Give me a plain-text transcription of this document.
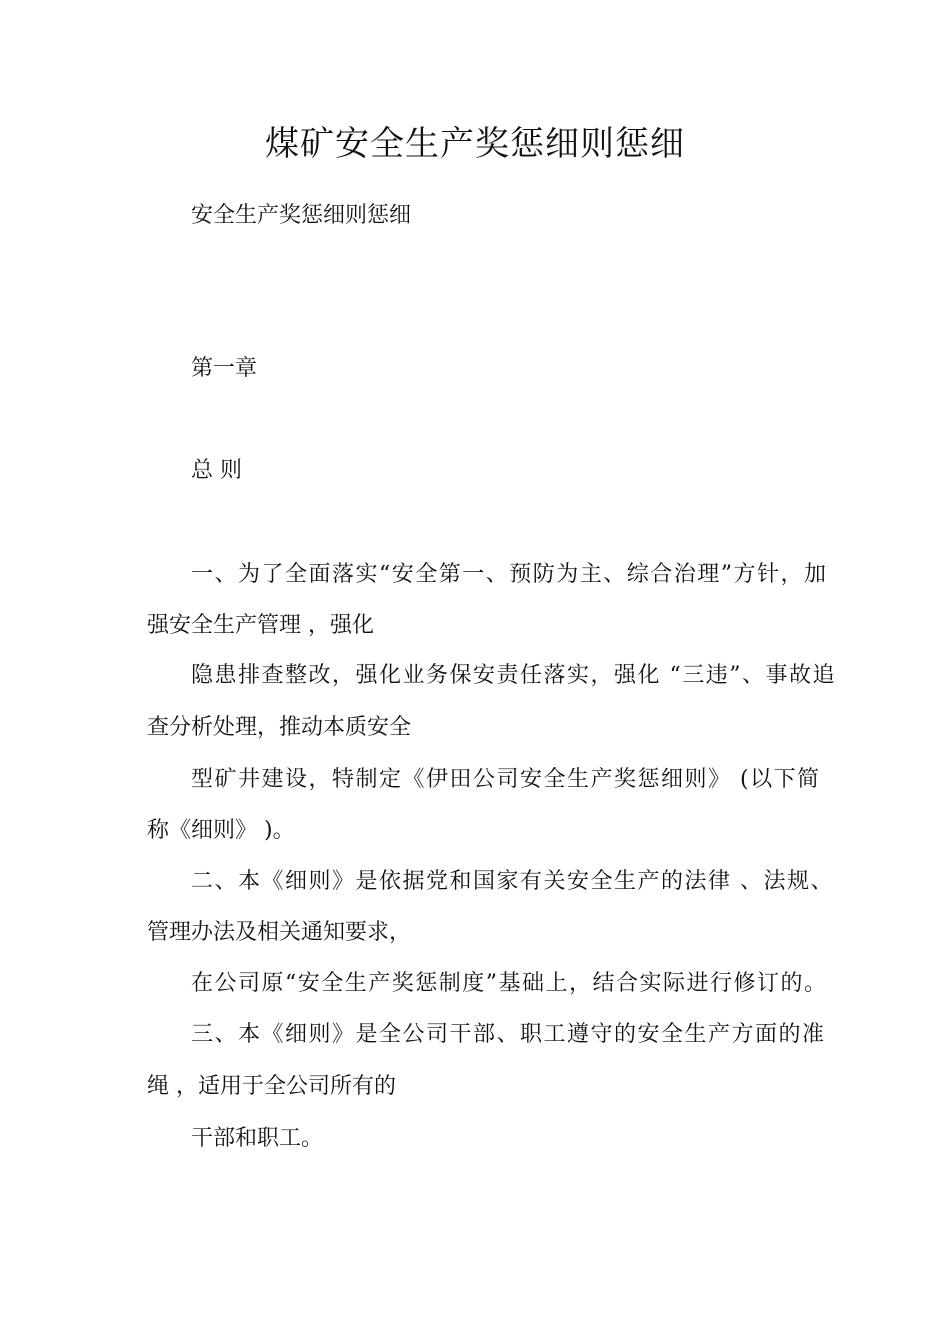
煤矿安全生产奖惩细则惩细

安全生产奖惩细则惩细

第一章

总 则

一、为了全面落实“安全第一、预防为主、综合治理”方针，加

强安全生产管理 ，强化

隐患排查整改，强化业务保安责任落实，强化 “三违”、事故追

查分析处理，推动本质安全

型矿井建设，特制定《伊田公司安全生产奖惩细则》 (以下简

称《细则》 )。

二、本《细则》是依据党和国家有关安全生产的法律 、法规、

管理办法及相关通知要求，

在公司原“安全生产奖惩制度”基础上，结合实际进行修订的。

三、本《细则》是全公司干部、职工遵守的安全生产方面的准

绳 ，适用于全公司所有的

干部和职工。
